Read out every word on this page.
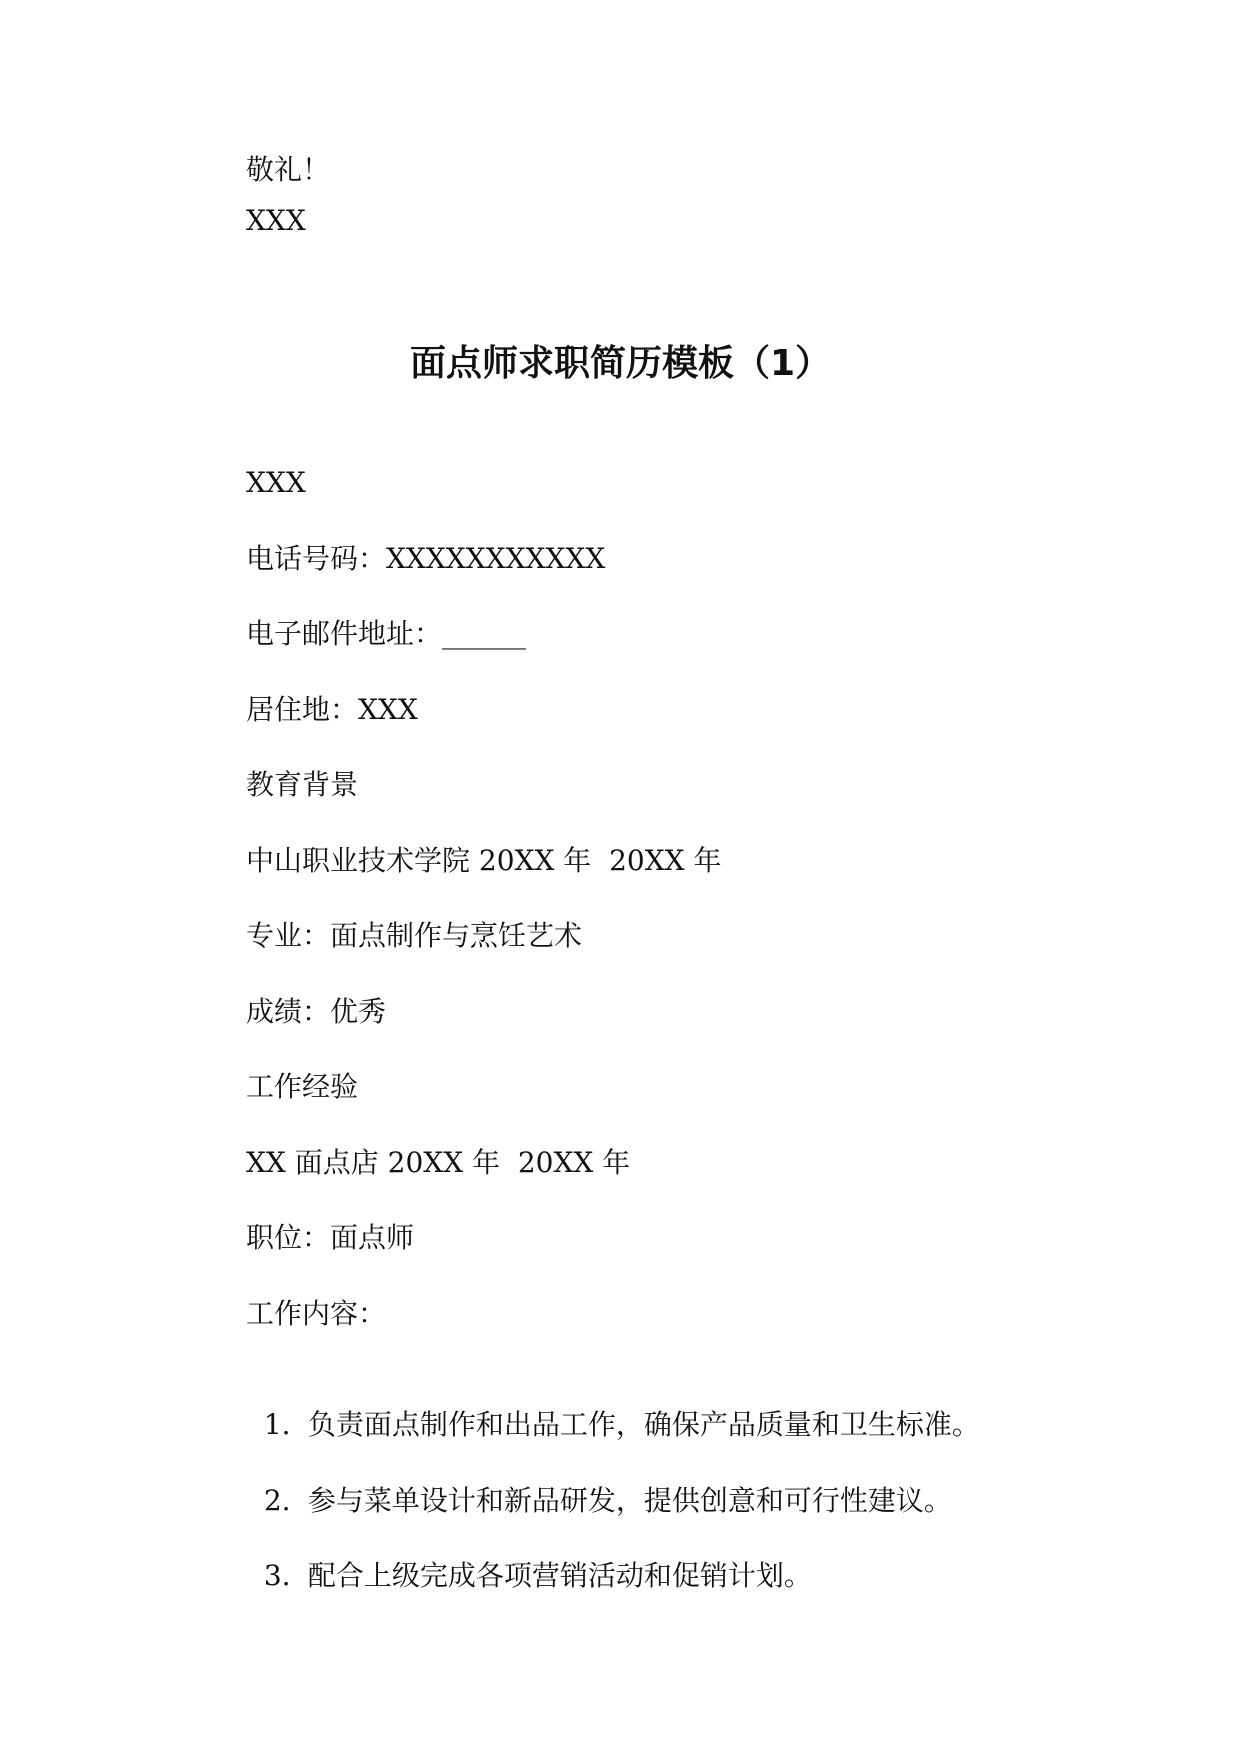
敬礼！
XXX
面点师求职简历模板（1）
XXX
电话号码：XXXXXXXXXXX
电子邮件地址：______
居住地：XXX
教育背景
中山职业技术学院 20XX 年  20XX 年
专业：面点制作与烹饪艺术
成绩：优秀
工作经验
XX 面点店 20XX 年  20XX 年
职位：面点师
工作内容：

1. 负责面点制作和出品工作，确保产品质量和卫生标准。

2. 参与菜单设计和新品研发，提供创意和可行性建议。

3. 配合上级完成各项营销活动和促销计划。
